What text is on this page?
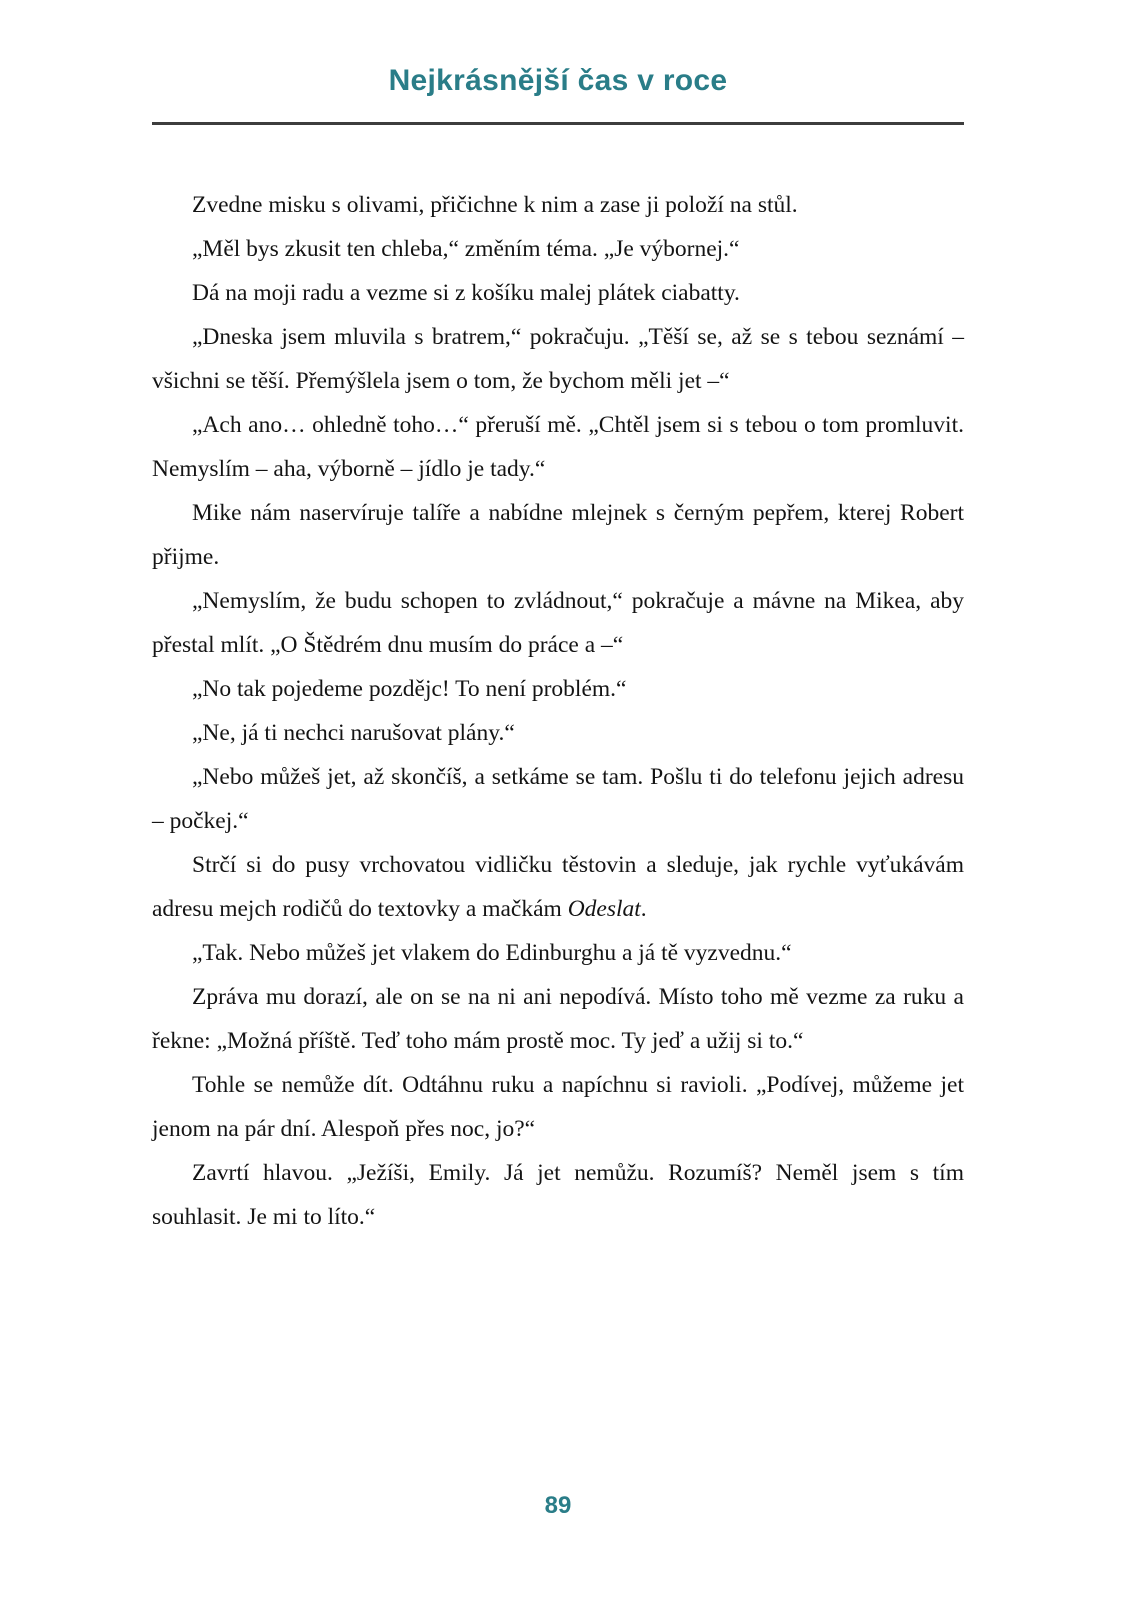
Nejkrásnější čas v roce

Zvedne misku s olivami, přičichne k nim a zase ji položí na stůl.

„Měl bys zkusit ten chleba,“ změním téma. „Je výbornej.“

Dá na moji radu a vezme si z košíku malej plátek ciabatty.

„Dneska jsem mluvila s bratrem,“ pokračuju. „Těší se, až se s tebou seznámí – všichni se těší. Přemýšlela jsem o tom, že bychom měli jet –“

„Ach ano… ohledně toho…“ přeruší mě. „Chtěl jsem si s tebou o tom promluvit. Nemyslím – aha, výborně – jídlo je tady.“

Mike nám naservíruje talíře a nabídne mlejnek s černým pepřem, kterej Robert přijme.

„Nemyslím, že budu schopen to zvládnout,“ pokračuje a mávne na Mikea, aby přestal mlít. „O Štědrém dnu musím do práce a –“

„No tak pojedeme pozdějc! To není problém.“

„Ne, já ti nechci narušovat plány.“

„Nebo můžeš jet, až skončíš, a setkáme se tam. Pošlu ti do telefonu jejich adresu – počkej.“

Strčí si do pusy vrchovatou vidličku těstovin a sleduje, jak rychle vyťukávám adresu mejch rodičů do textovky a mačkám Odeslat.

„Tak. Nebo můžeš jet vlakem do Edinburghu a já tě vyzvednu.“

Zpráva mu dorazí, ale on se na ni ani nepodívá. Místo toho mě vezme za ruku a řekne: „Možná příště. Teď toho mám prostě moc. Ty jeď a užij si to.“

Tohle se nemůže dít. Odtáhnu ruku a napíchnu si ravioli. „Podívej, můžeme jet jenom na pár dní. Alespoň přes noc, jo?“

Zavrtí hlavou. „Ježíši, Emily. Já jet nemůžu. Rozumíš? Neměl jsem s tím souhlasit. Je mi to líto.“

89
